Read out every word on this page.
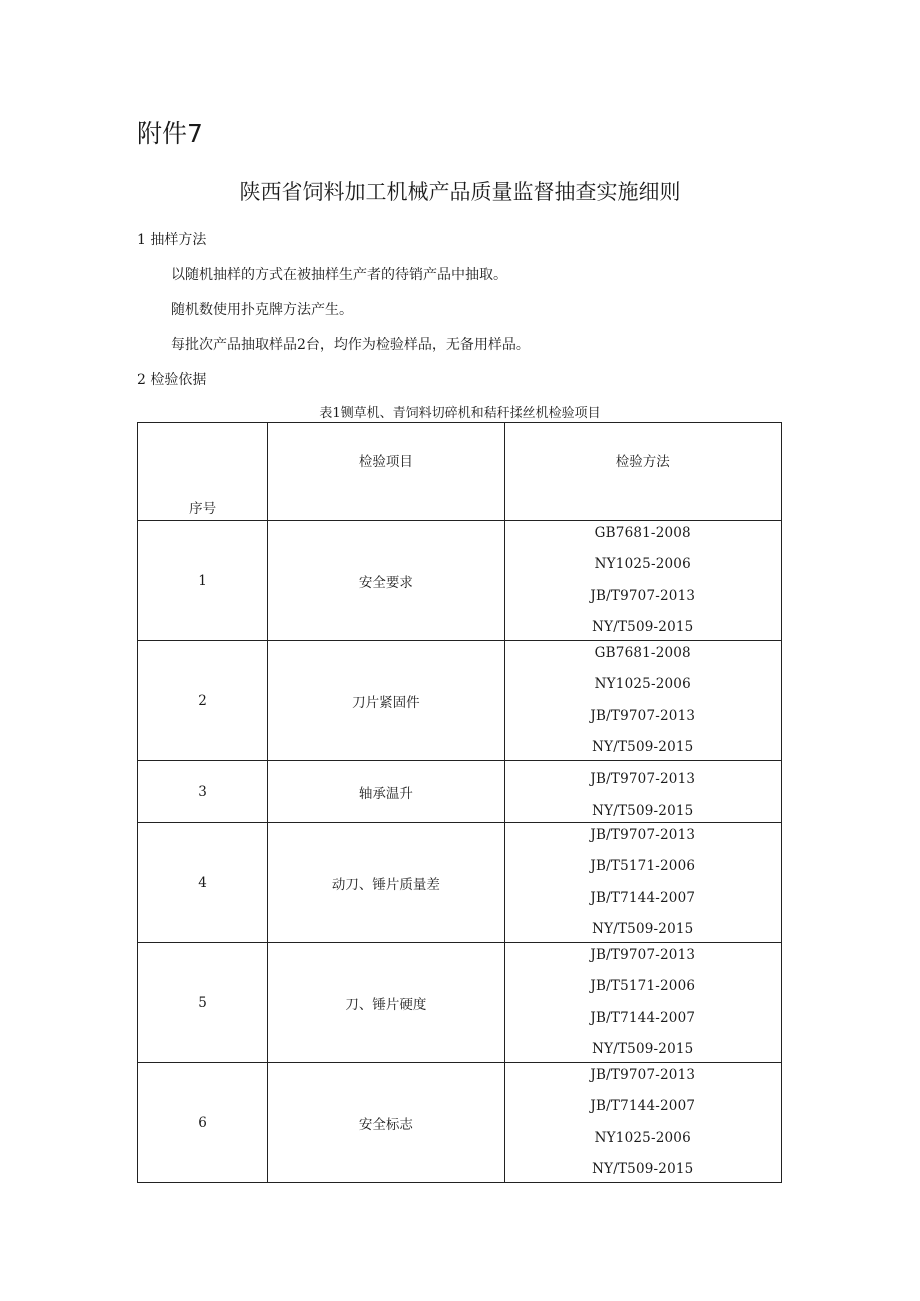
附件7
陕西省饲料加工机械产品质量监督抽查实施细则
1 抽样方法
以随机抽样的方式在被抽样生产者的待销产品中抽取。
随机数使用扑克牌方法产生。
每批次产品抽取样品2台，均作为检验样品，无备用样品。
2 检验依据
表1铡草机、青饲料切碎机和秸秆揉丝机检验项目
序号	检验项目	检验方法
1	安全要求	GB7681-2008
NY1025-2006
JB/T9707-2013
NY/T509-2015

2	刀片紧固件	GB7681-2008
NY1025-2006
JB/T9707-2013
NY/T509-2015

3	轴承温升	JB/T9707-2013
NY/T509-2015

4	动刀、锤片质量差	JB/T9707-2013
JB/T5171-2006
JB/T7144-2007
NY/T509-2015

5	刀、锤片硬度	JB/T9707-2013
JB/T5171-2006
JB/T7144-2007
NY/T509-2015

6	安全标志	JB/T9707-2013
JB/T7144-2007
NY1025-2006
NY/T509-2015
